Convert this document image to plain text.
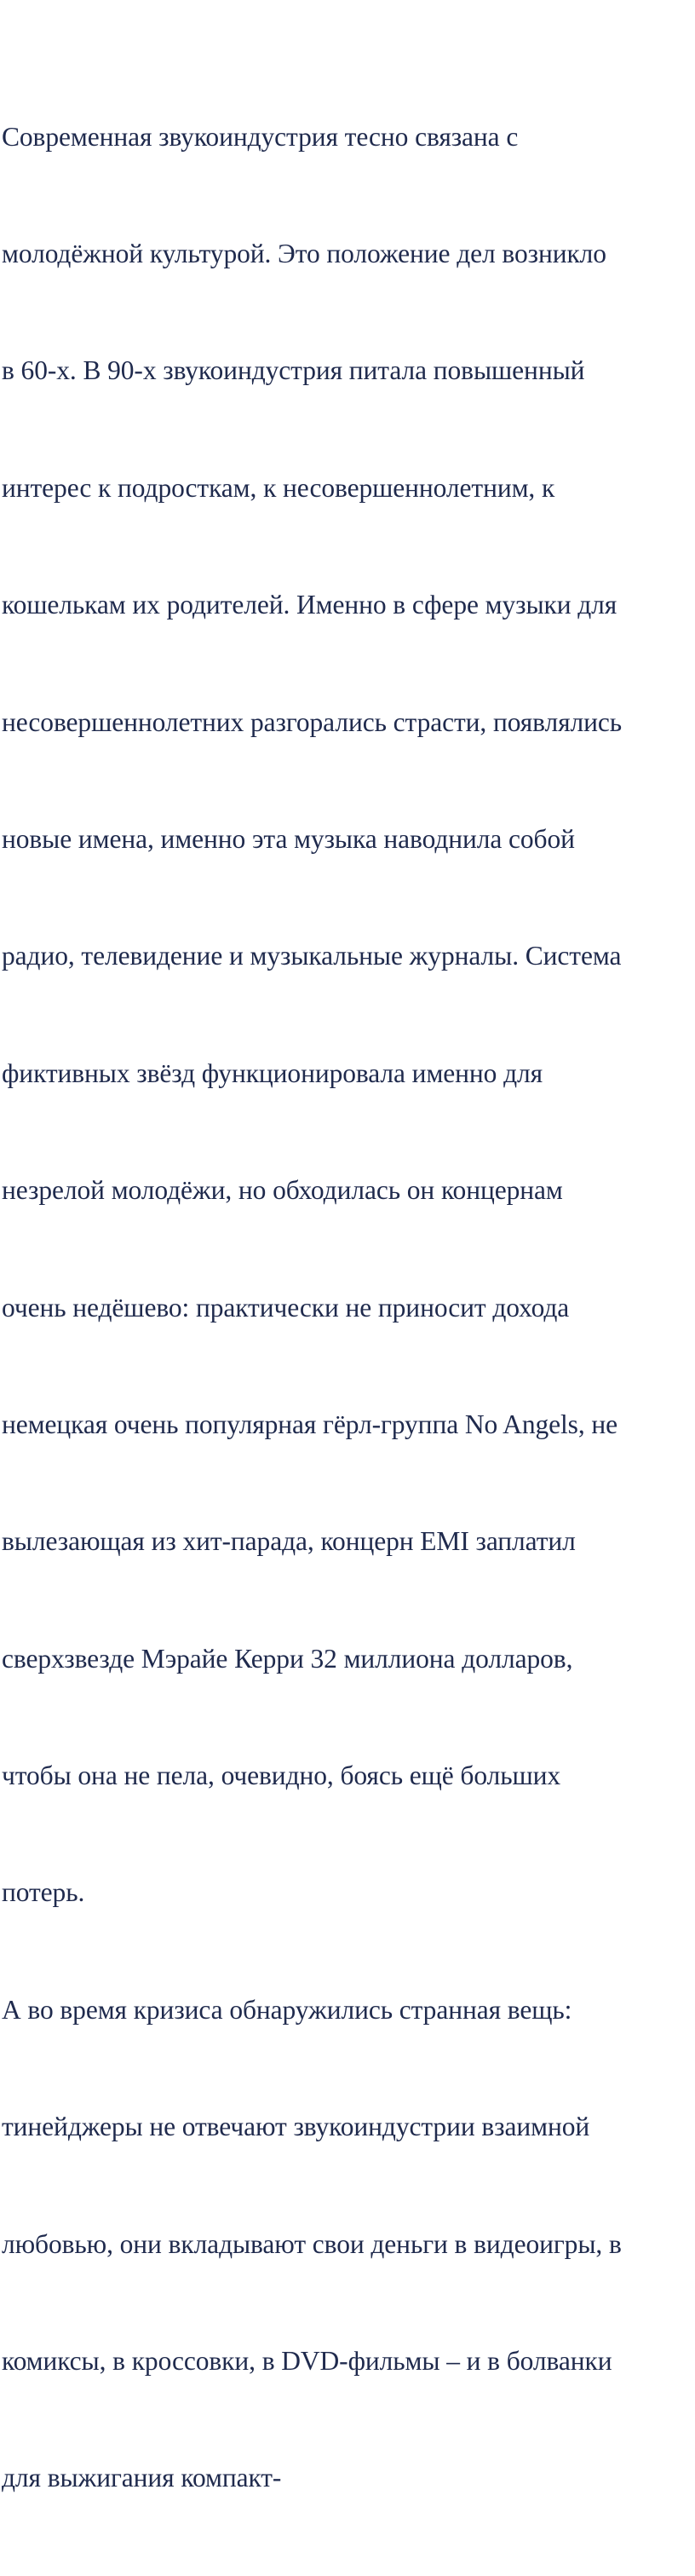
Современная звукоиндустрия тесно связана с

молодёжной культурой. Это положение дел возникло

в 60-х. В 90-х звукоиндустрия питала повышенный

интерес к подросткам, к несовершеннолетним, к

кошелькам их родителей. Именно в сфере музыки для

несовершеннолетних разгорались страсти, появлялись

новые имена, именно эта музыка наводнила собой

радио, телевидение и музыкальные журналы. Система

фиктивных звёзд функционировала именно для

незрелой молодёжи, но обходилась он концернам

очень недёшево: практически не приносит дохода

немецкая очень популярная гёрл-группа No Angels, не

вылезающая из хит-парада, концерн EMI заплатил

сверхзвезде Мэрайе Керри 32 миллиона долларов,

чтобы она не пела, очевидно, боясь ещё больших

потерь.

А во время кризиса обнаружились странная вещь:

тинейджеры не отвечают звукоиндустрии взаимной

любовью, они вкладывают свои деньги в видеоигры, в

комиксы, в кроссовки, в DVD-фильмы – и в болванки

для выжигания компакт-
